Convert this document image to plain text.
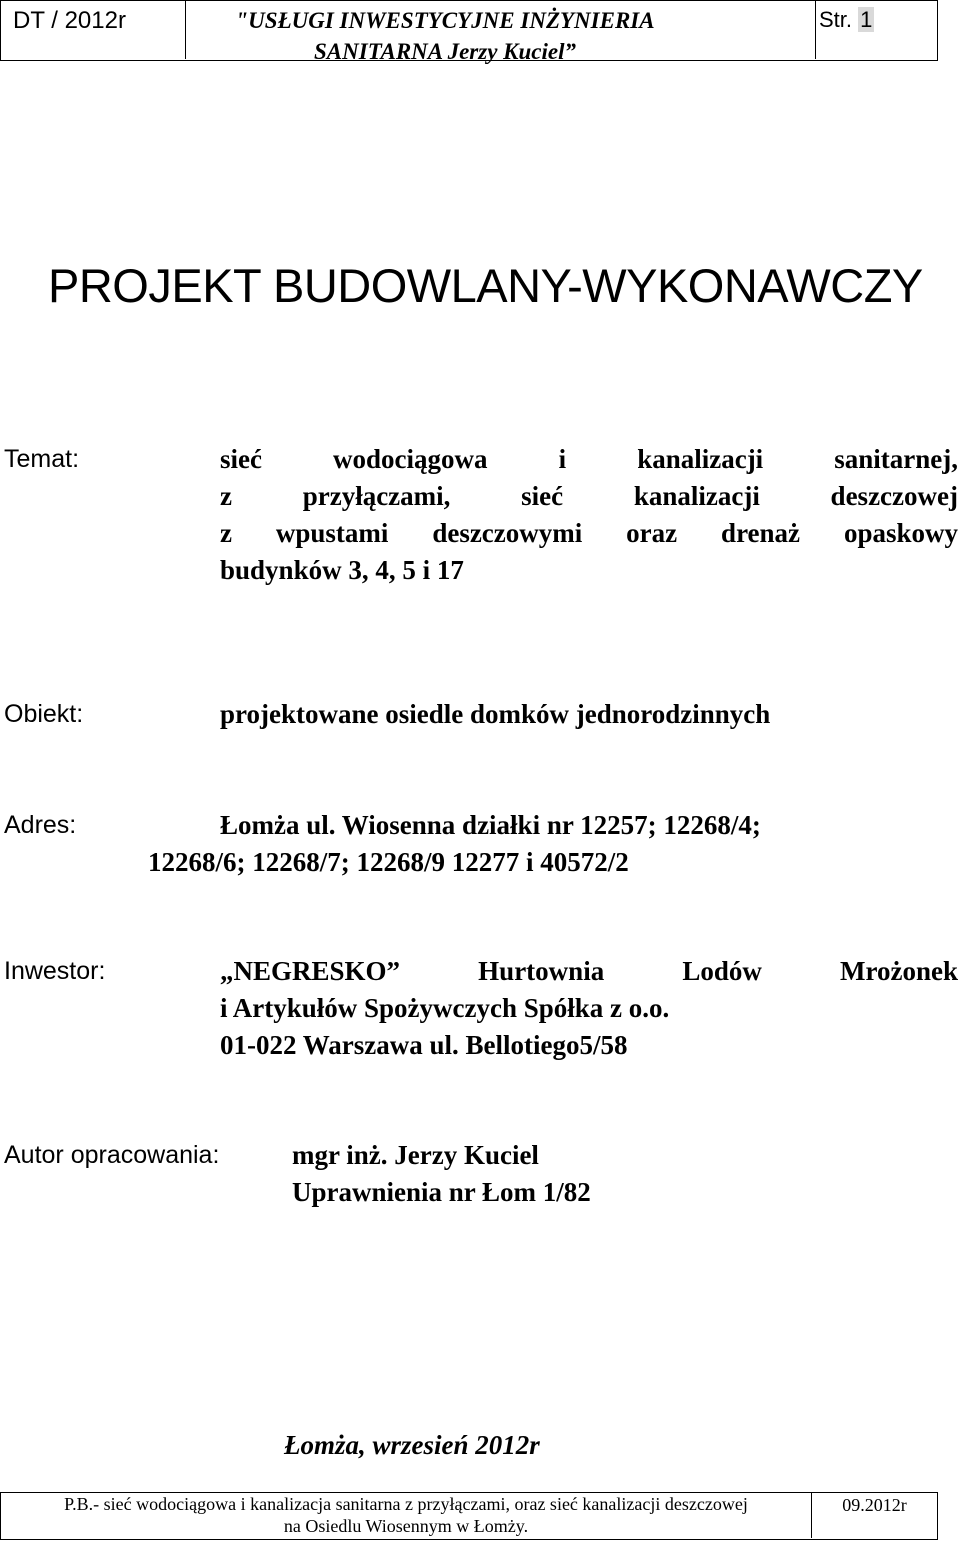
DT / 2012r	"USŁUGI INWESTYCYJNE INŻYNIERIA
SANITARNA Jerzy Kuciel”
Str. 1
PROJEKT BUDOWLANY-WYKONAWCZY
Temat:	sieć wodociągowa i kanalizacji sanitarnej,
z przyłączami, sieć kanalizacji deszczowej
z wpustami deszczowymi oraz drenaż opaskowy
budynków 3, 4, 5 i 17
Obiekt:	projektowane osiedle domków jednorodzinnych
Adres:	Łomża ul. Wiosenna działki nr 12257; 12268/4;
12268/6; 12268/7; 12268/9 12277 i 40572/2
Inwestor:	„NEGRESKO” Hurtownia Lodów Mrożonek
i Artykułów Spożywczych Spółka z o.o.
01-022 Warszawa ul. Bellotiego5/58
Autor opracowania:	mgr inż. Jerzy Kuciel
Uprawnienia nr Łom 1/82
Łomża, wrzesień 2012r
P.B.- sieć wodociągowa i kanalizacja sanitarna z przyłączami, oraz sieć kanalizacji deszczowej
na Osiedlu Wiosennym w Łomży.
09.2012r
